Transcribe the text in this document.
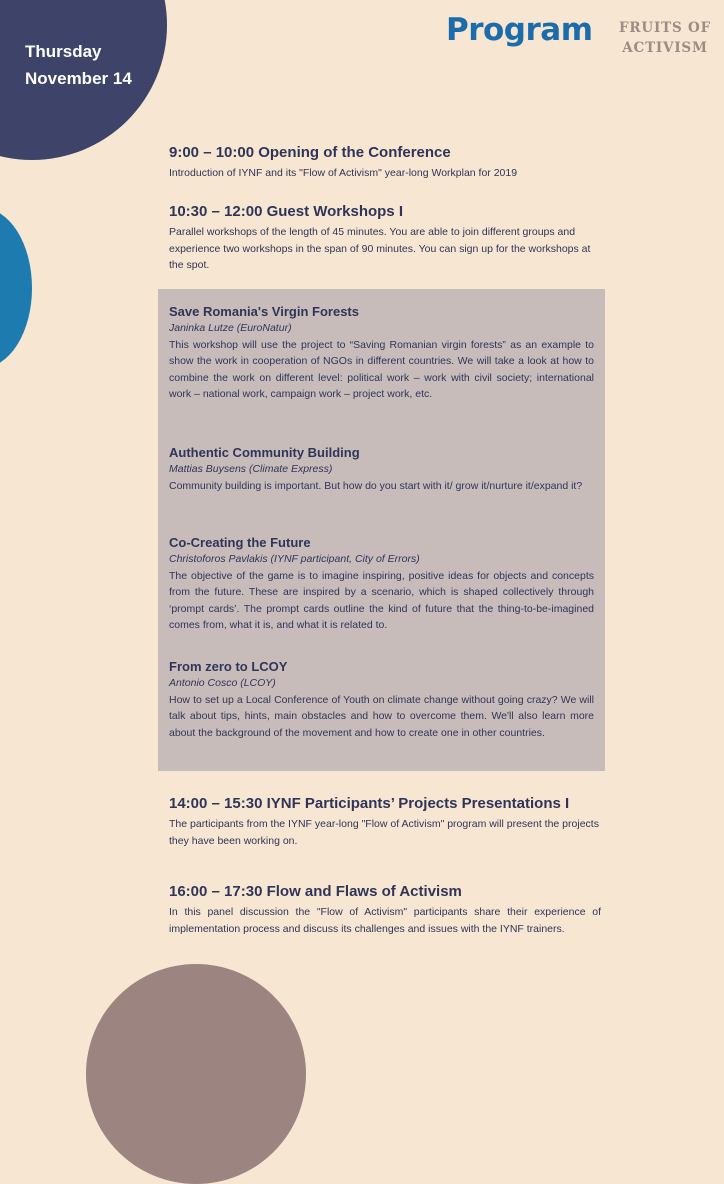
Thursday
November 14
Program	FRUITS OF
ACTIVISM

9:00 – 10:00 Opening of the Conference

Introduction of IYNF and its "Flow of Activism" year-long Workplan for 2019

10:30 – 12:00 Guest Workshops I

Parallel workshops of the length of 45 minutes. You are able to join different groups and experience two workshops in the span of 90 minutes. You can sign up for the workshops at the spot.

Save Romania's Virgin Forests

Janinka Lutze (EuroNatur)

This workshop will use the project to “Saving Romanian virgin forests” as an example to show the work in cooperation of NGOs in different countries. We will take a look at how to combine the work on different level: political work – work with civil society; international work – national work, campaign work – project work, etc.

Authentic Community Building

Mattias Buysens (Climate Express)

Community building is important. But how do you start with it/ grow it/nurture it/expand it?

Co-Creating the Future

Christoforos Pavlakis (IYNF participant, City of Errors)

The objective of the game is to imagine inspiring, positive ideas for objects and concepts from the future. These are inspired by a scenario, which is shaped collectively through ‘prompt cards’. The prompt cards outline the kind of future that the thing-to-be-imagined comes from, what it is, and what it is related to.

From zero to LCOY

Antonio Cosco (LCOY)

How to set up a Local Conference of Youth on climate change without going crazy? We will talk about tips, hints, main obstacles and how to overcome them. We'll also learn more about the background of the movement and how to create one in other countries.

14:00 – 15:30 IYNF Participants’ Projects Presentations I

The participants from the IYNF year-long "Flow of Activism" program will present the projects they have been working on.

16:00 – 17:30 Flow and Flaws of Activism

In this panel discussion the "Flow of Activism" participants share their experience of implementation process and discuss its challenges and issues with the IYNF trainers.
